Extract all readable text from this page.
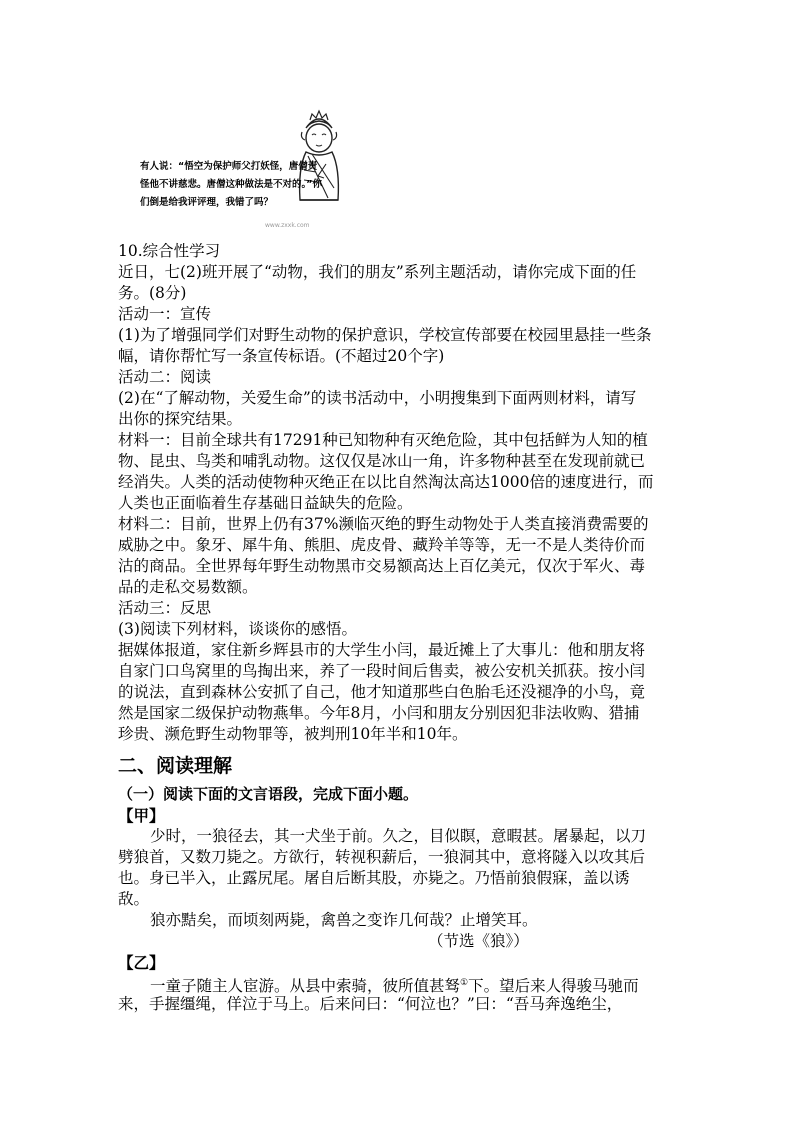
有人说：“悟空为保护师父打妖怪，唐僧责
怪他不讲慈悲。唐僧这种做法是不对的。”你
们倒是给我评评理，我错了吗？
www.zxxk.com
10.综合性学习
近日，七(2)班开展了“动物，我们的朋友”系列主题活动，请你完成下面的任
务。(8分)
活动一：宣传
(1)为了增强同学们对野生动物的保护意识，学校宣传部要在校园里悬挂一些条
幅，请你帮忙写一条宣传标语。(不超过20个字)
活动二：阅读
(2)在“了解动物，关爱生命”的读书活动中，小明搜集到下面两则材料，请写
出你的探究结果。
材料一：目前全球共有17291种已知物种有灭绝危险，其中包括鲜为人知的植
物、昆虫、鸟类和哺乳动物。这仅仅是冰山一角，许多物种甚至在发现前就已
经消失。人类的活动使物种灭绝正在以比自然淘汰高达1000倍的速度进行，而
人类也正面临着生存基础日益缺失的危险。
材料二：目前，世界上仍有37%濒临灭绝的野生动物处于人类直接消费需要的
威胁之中。象牙、犀牛角、熊胆、虎皮骨、藏羚羊等等，无一不是人类待价而
沽的商品。全世界每年野生动物黑市交易额高达上百亿美元，仅次于军火、毒
品的走私交易数额。
活动三：反思
(3)阅读下列材料，谈谈你的感悟。
据媒体报道，家住新乡辉县市的大学生小闫，最近摊上了大事儿：他和朋友将
自家门口鸟窝里的鸟掏出来，养了一段时间后售卖，被公安机关抓获。按小闫
的说法，直到森林公安抓了自己，他才知道那些白色胎毛还没褪净的小鸟，竟
然是国家二级保护动物燕隼。今年8月，小闫和朋友分别因犯非法收购、猎捕
珍贵、濒危野生动物罪等，被判刑10年半和10年。
二、阅读理解
（一）阅读下面的文言语段，完成下面小题。
【甲】
少时，一狼径去，其一犬坐于前。久之，目似瞑，意暇甚。屠暴起，以刀
劈狼首，又数刀毙之。方欲行，转视积薪后，一狼洞其中，意将隧入以攻其后
也。身已半入，止露尻尾。屠自后断其股，亦毙之。乃悟前狼假寐，盖以诱
敌。
狼亦黠矣，而顷刻两毙，禽兽之变诈几何哉？止增笑耳。
（节选《狼》）
【乙】
一童子随主人宦游。从县中索骑，彼所值甚驽①下。望后来人得骏马驰而
来，手握缰绳，佯泣于马上。后来问曰：“何泣也？”曰：“吾马奔逸绝尘，
